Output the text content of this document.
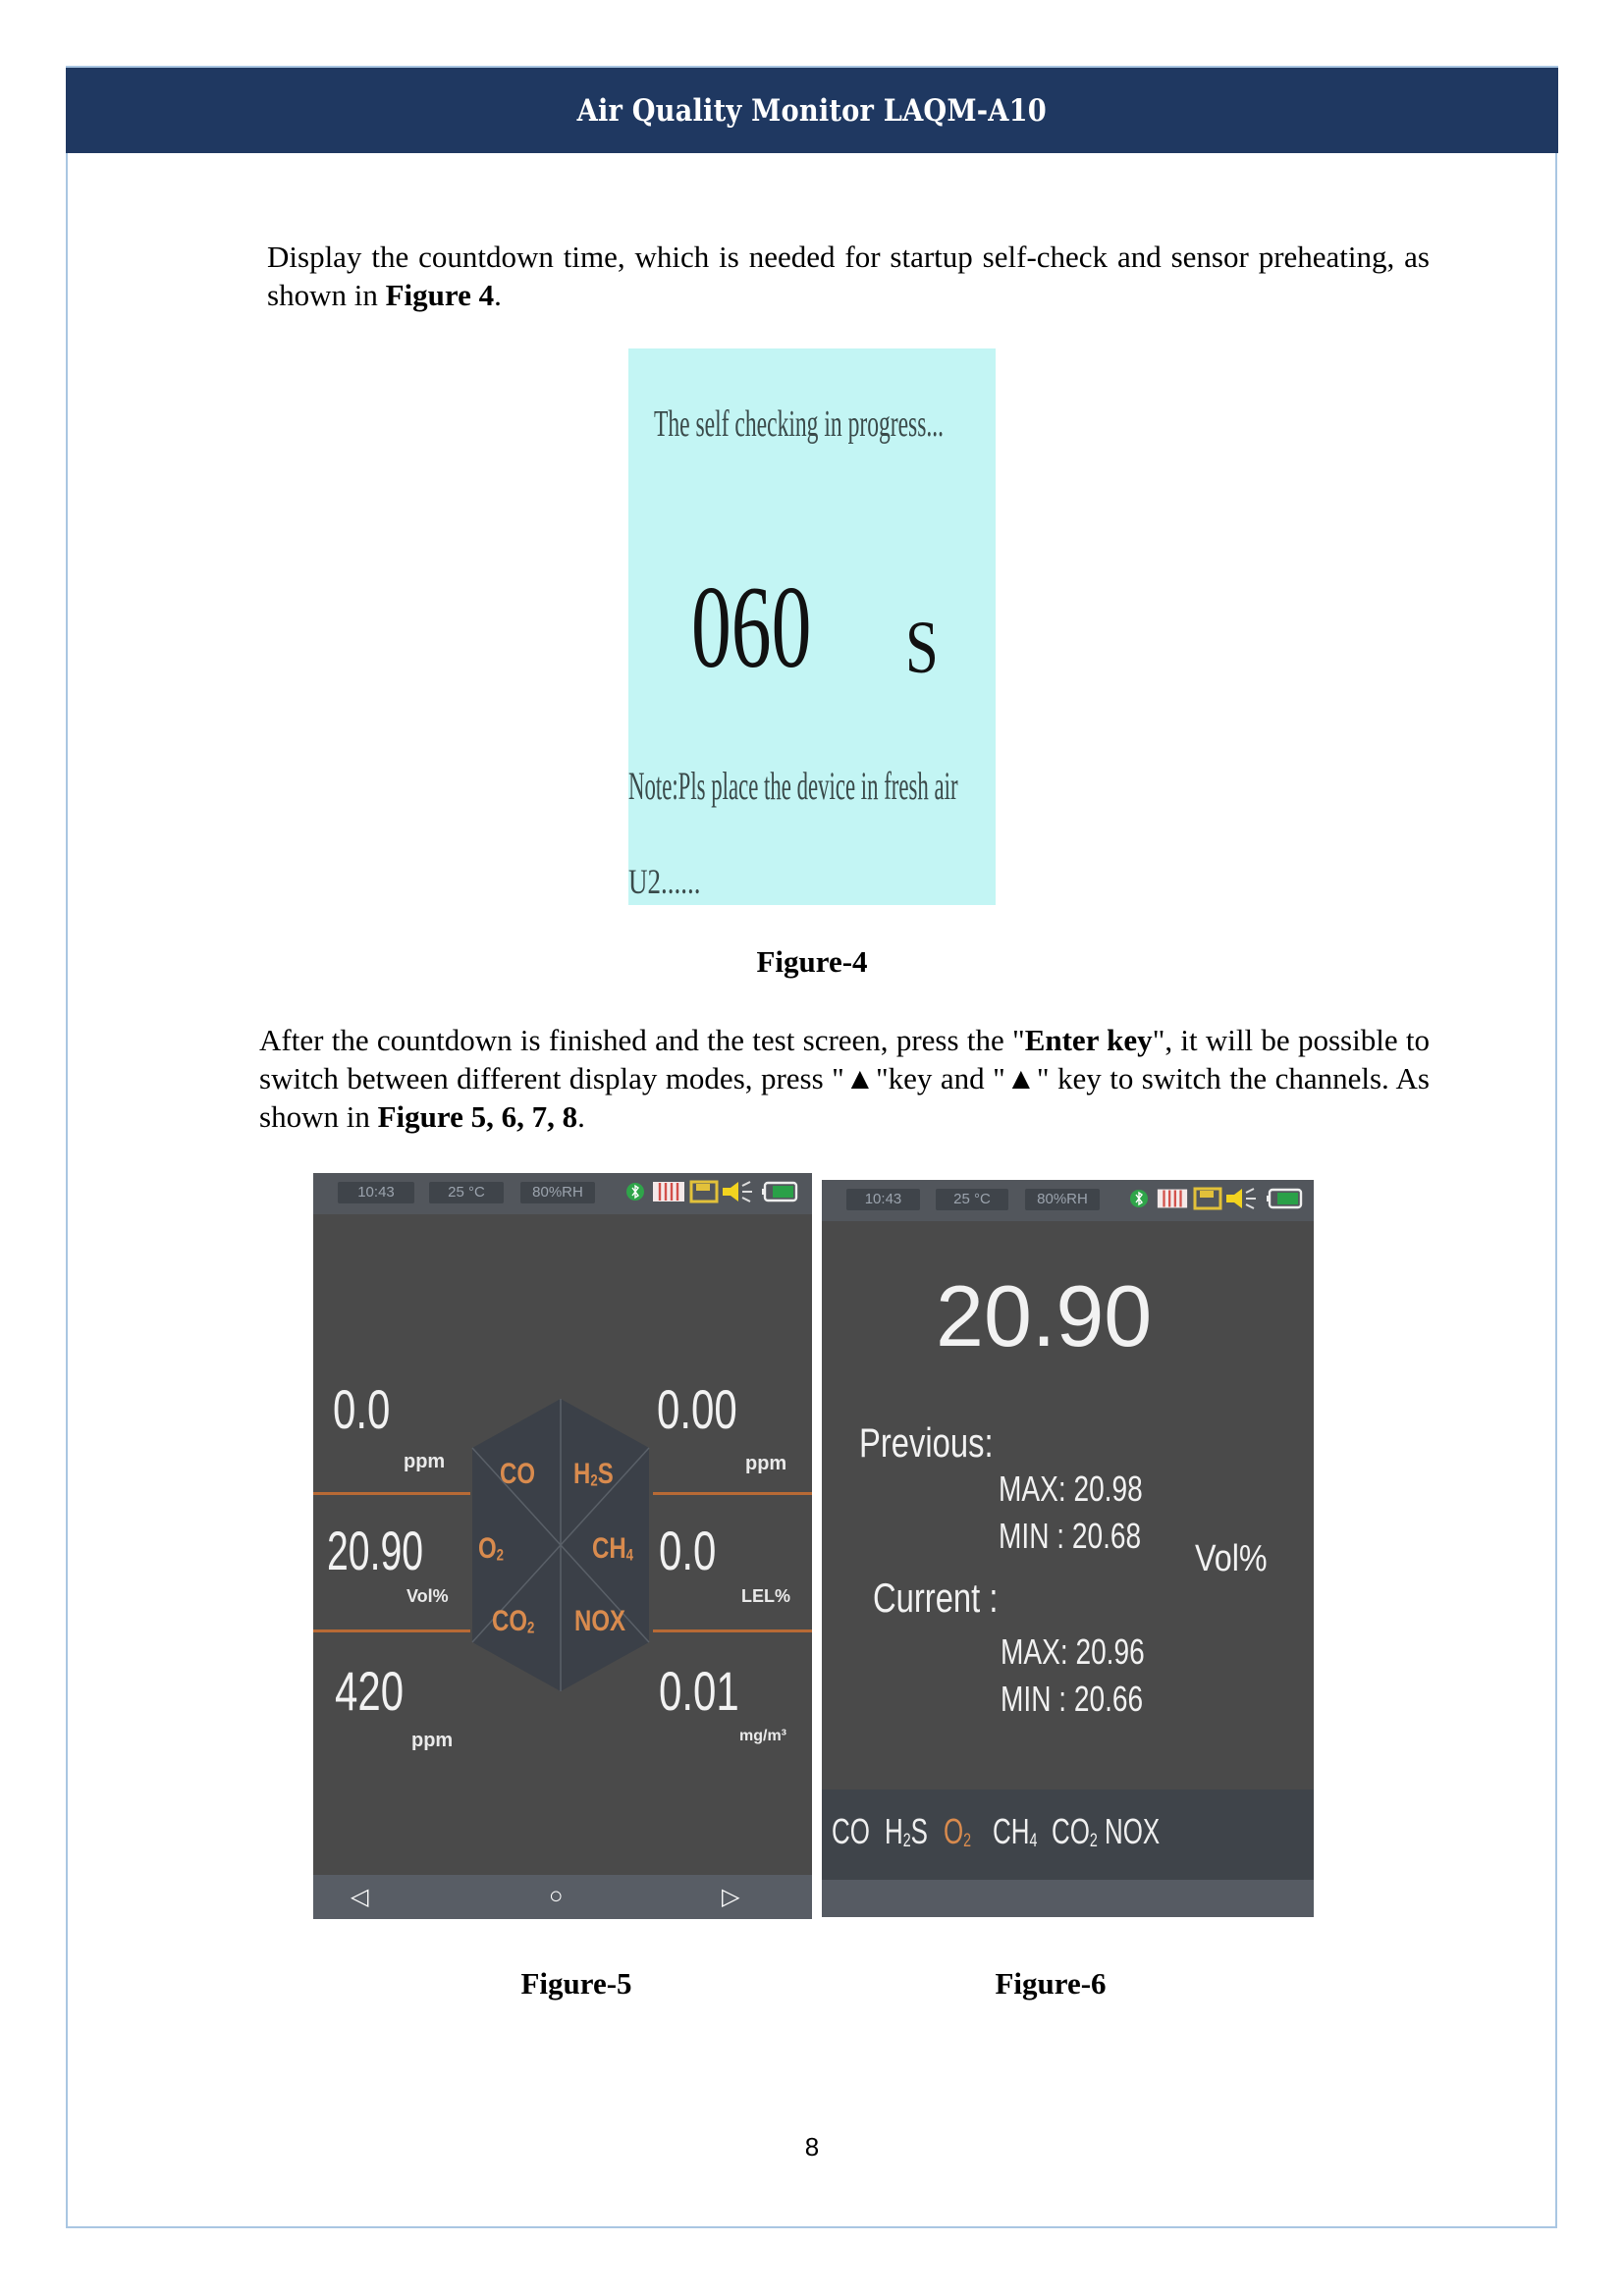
Air Quality Monitor LAQM-A10
Display the countdown time, which is needed for startup self-check and sensor preheating, as shown in Figure 4.
The self checking in progress...
060 S
Note:Pls place the device in fresh air
U2......
Figure-4
After the countdown is finished and the test screen, press the "Enter key", it will be possible to switch between different display modes, press "▲"key and "▲" key to switch the channels. As shown in Figure 5, 6, 7, 8.
10:43	25 °C	80%RH
0.0
ppm
20.90
Vol%
420
ppm
0.00
ppm
0.0
LEL%
0.01
mg/m³
CO H2S
O2	CH4
CO2 NOX
◁	○	▷
Figure-5
10:43	25 °C	80%RH
20.90
Previous:
MAX: 20.98
MIN : 20.68
Vol%
Current :
MAX: 20.96
MIN : 20.66
CO H2S O2 CH4 CO2 NOX
Figure-6
8
